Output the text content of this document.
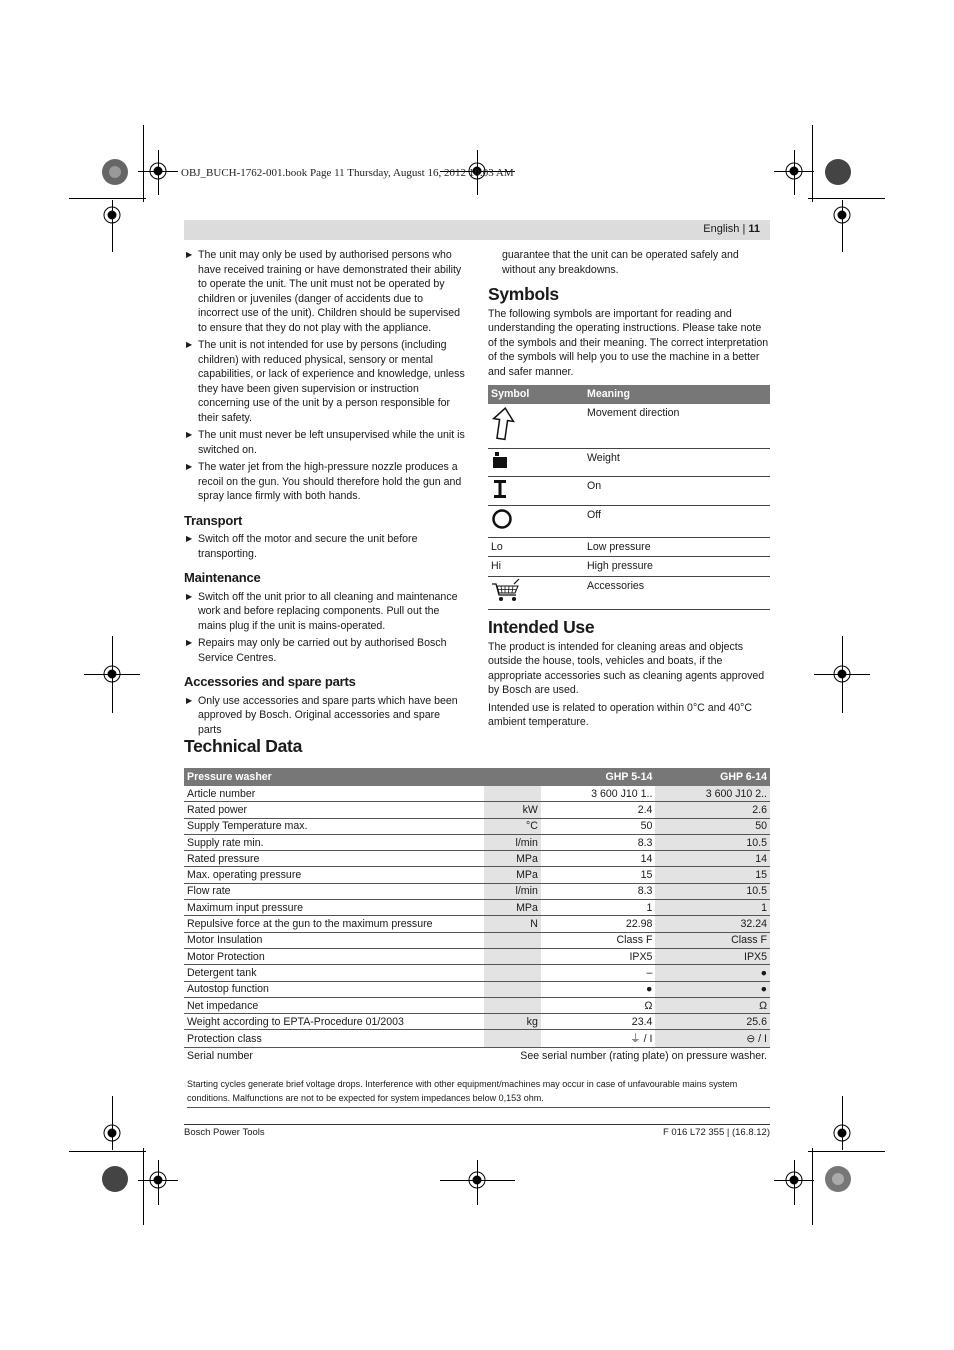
OBJ_BUCH-1762-001.book Page 11 Thursday, August 16, 2012 10:03 AM
English | 11
▶ The unit may only be used by authorised persons who have received training or have demonstrated their ability to operate the unit. The unit must not be operated by children or juveniles (danger of accidents due to incorrect use of the unit). Children should be supervised to ensure that they do not play with the appliance.
▶ The unit is not intended for use by persons (including children) with reduced physical, sensory or mental capabilities, or lack of experience and knowledge, unless they have been given supervision or instruction concerning use of the unit by a person responsible for their safety.
▶ The unit must never be left unsupervised while the unit is switched on.
▶ The water jet from the high-pressure nozzle produces a recoil on the gun. You should therefore hold the gun and spray lance firmly with both hands.
Transport
▶ Switch off the motor and secure the unit before transporting.
Maintenance
▶ Switch off the unit prior to all cleaning and maintenance work and before replacing components. Pull out the mains plug if the unit is mains-operated.
▶ Repairs may only be carried out by authorised Bosch Service Centres.
Accessories and spare parts
▶ Only use accessories and spare parts which have been approved by Bosch. Original accessories and spare parts

guarantee that the unit can be operated safely and without any breakdowns.

Symbols

The following symbols are important for reading and understanding the operating instructions. Please take note of the symbols and their meaning. The correct interpretation of the symbols will help you to use the machine in a better and safer manner.

Symbol	Meaning
	Movement direction
	Weight
	On
	Off
Lo	Low pressure
Hi	High pressure
	Accessories
Intended Use

The product is intended for cleaning areas and objects outside the house, tools, vehicles and boats, if the appropriate accessories such as cleaning agents approved by Bosch are used.

Intended use is related to operation within 0°C and 40°C ambient temperature.

Technical Data
Pressure washer		GHP 5-14	GHP 6-14
Article number		3 600 J10 1..	3 600 J10 2..
Rated power	kW	2.4	2.6
Supply Temperature max.	°C	50	50
Supply rate min.	l/min	8.3	10.5
Rated pressure	MPa	14	14
Max. operating pressure	MPa	15	15
Flow rate	l/min	8.3	10.5
Maximum input pressure	MPa	1	1
Repulsive force at the gun to the maximum pressure	N	22.98	32.24
Motor Insulation		Class F	Class F
Motor Protection		IPX5	IPX5
Detergent tank		–	●
Autostop function		●	●
Net impedance		Ω	Ω
Weight according to EPTA-Procedure 01/2003	kg	23.4	25.6
Protection class		⏚ / I	⊖ / I
Serial number	See serial number (rating plate) on pressure washer.		
Starting cycles generate brief voltage drops. Interference with other equipment/machines may occur in case of unfavourable mains system conditions. Malfunctions are not to be expected for system impedances below 0,153 ohm.
Bosch Power Tools	F 016 L72 355 | (16.8.12)
